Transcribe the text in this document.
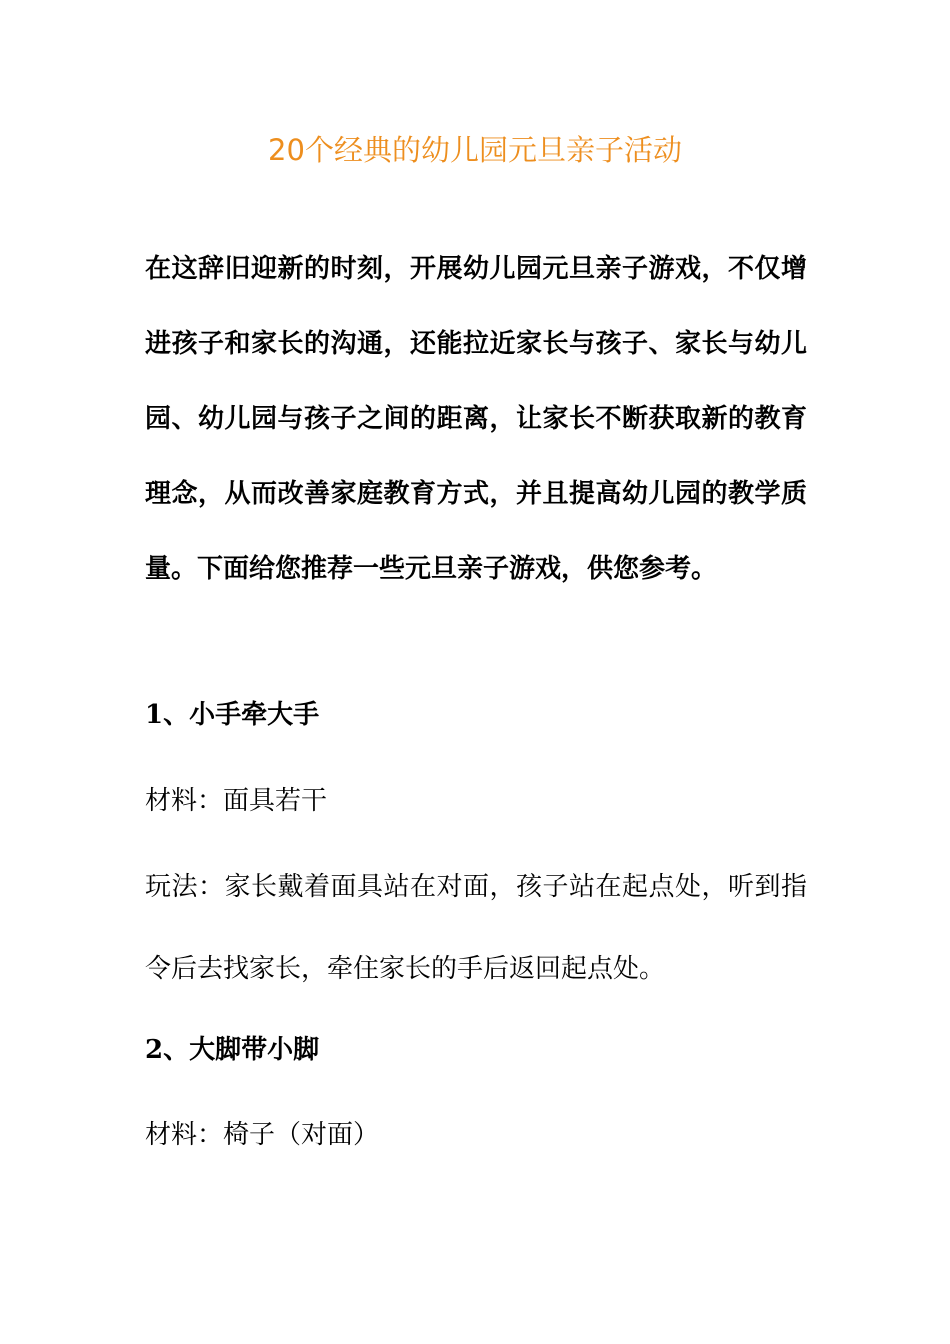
20个经典的幼儿园元旦亲子活动
在这辞旧迎新的时刻，开展幼儿园元旦亲子游戏，不仅增进孩子和家长的沟通，还能拉近家长与孩子、家长与幼儿园、幼儿园与孩子之间的距离，让家长不断获取新的教育理念，从而改善家庭教育方式，并且提高幼儿园的教学质量。下面给您推荐一些元旦亲子游戏，供您参考。
1、小手牵大手
材料：面具若干
玩法：家长戴着面具站在对面，孩子站在起点处，听到指令后去找家长，牵住家长的手后返回起点处。
2、大脚带小脚
材料：椅子（对面）
